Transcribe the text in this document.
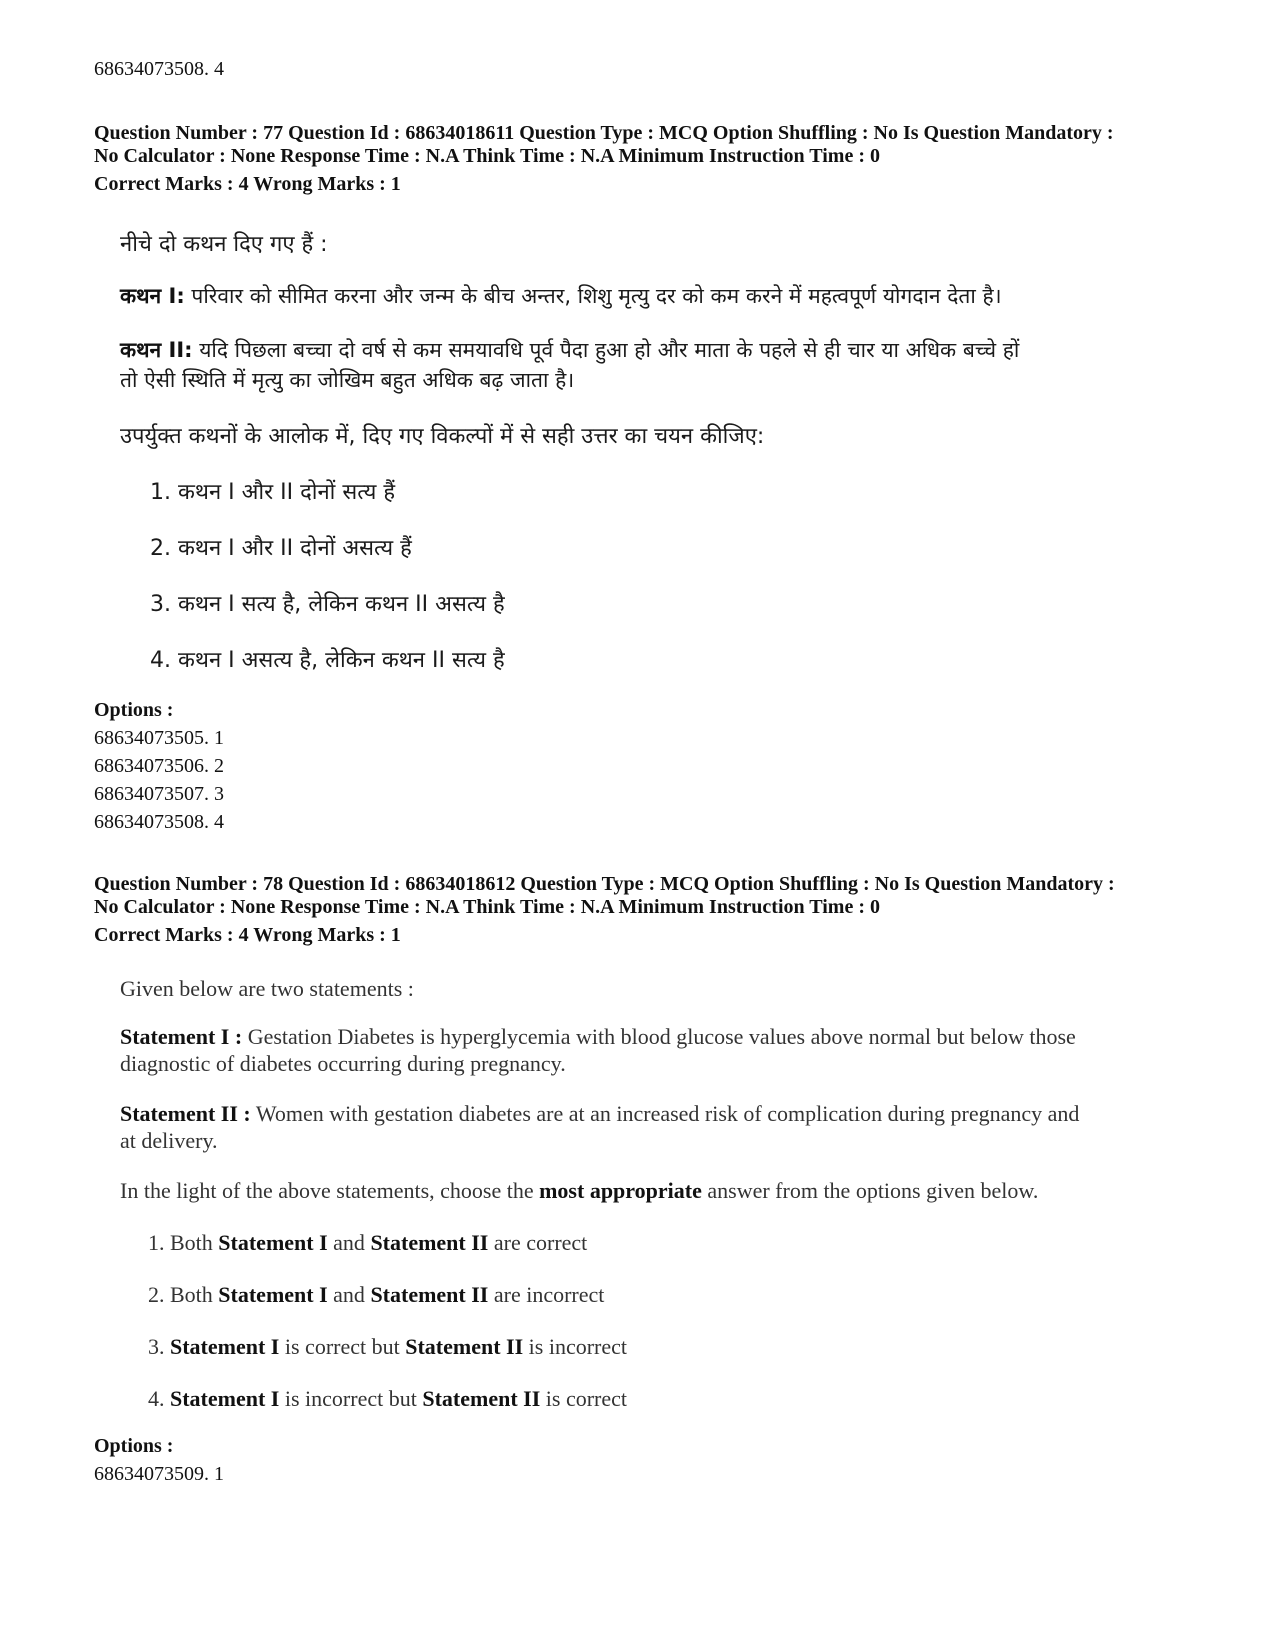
68634073508. 4
Question Number : 77 Question Id : 68634018611 Question Type : MCQ Option Shuffling : No Is Question Mandatory :
No Calculator : None Response Time : N.A Think Time : N.A Minimum Instruction Time : 0
Correct Marks : 4 Wrong Marks : 1
नीचे दो कथन दिए गए हैं :
कथन I: परिवार को सीमित करना और जन्म के बीच अन्तर, शिशु मृत्यु दर को कम करने में महत्वपूर्ण योगदान देता है।
कथन II: यदि पिछला बच्चा दो वर्ष से कम समयावधि पूर्व पैदा हुआ हो और माता के पहले से ही चार या अधिक बच्चे हों
तो ऐसी स्थिति में मृत्यु का जोखिम बहुत अधिक बढ़ जाता है।
उपर्युक्त कथनों के आलोक में, दिए गए विकल्पों में से सही उत्तर का चयन कीजिए:
1. कथन I और II दोनों सत्य हैं
2. कथन I और II दोनों असत्य हैं
3. कथन I सत्य है, लेकिन कथन II असत्य है
4. कथन I असत्य है, लेकिन कथन II सत्य है
Options :
68634073505. 1
68634073506. 2
68634073507. 3
68634073508. 4
Question Number : 78 Question Id : 68634018612 Question Type : MCQ Option Shuffling : No Is Question Mandatory :
No Calculator : None Response Time : N.A Think Time : N.A Minimum Instruction Time : 0
Correct Marks : 4 Wrong Marks : 1
Given below are two statements :
Statement I : Gestation Diabetes is hyperglycemia with blood glucose values above normal but below those
diagnostic of diabetes occurring during pregnancy.
Statement II : Women with gestation diabetes are at an increased risk of complication during pregnancy and
at delivery.
In the light of the above statements, choose the most appropriate answer from the options given below.
1. Both Statement I and Statement II are correct
2. Both Statement I and Statement II are incorrect
3. Statement I is correct but Statement II is incorrect
4. Statement I is incorrect but Statement II is correct
Options :
68634073509. 1
